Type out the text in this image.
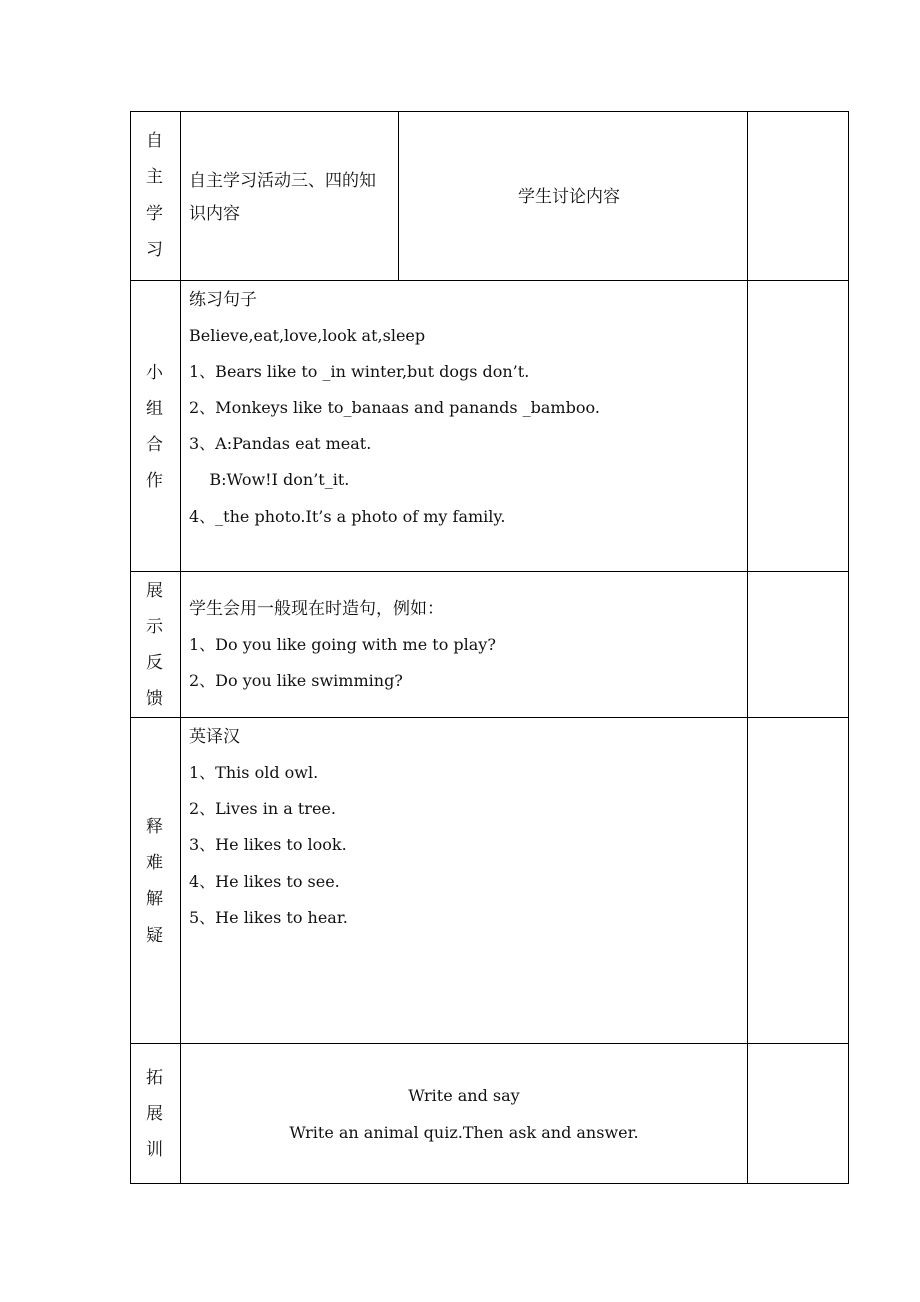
自
主
学
习
自主学习活动三、四的知
识内容
学生讨论内容
小
组
合
作
练习句子
Believe,eat,love,look at,sleep
1、Bears like to _in winter,but dogs don’t.
2、Monkeys like to_banaas and panands _bamboo.
3、A:Pandas eat meat.
B:Wow!I don’t_it.
4、_the photo.It’s a photo of my family.
展
示
反
馈
学生会用一般现在时造句，例如：
1、Do you like going with me to play?
2、Do you like swimming?
释
难
解
疑
英译汉
1、This old owl.
2、Lives in a tree.
3、He likes to look.
4、He likes to see.
5、He likes to hear.
拓
展
训
Write and say
Write an animal quiz.Then ask and answer.
